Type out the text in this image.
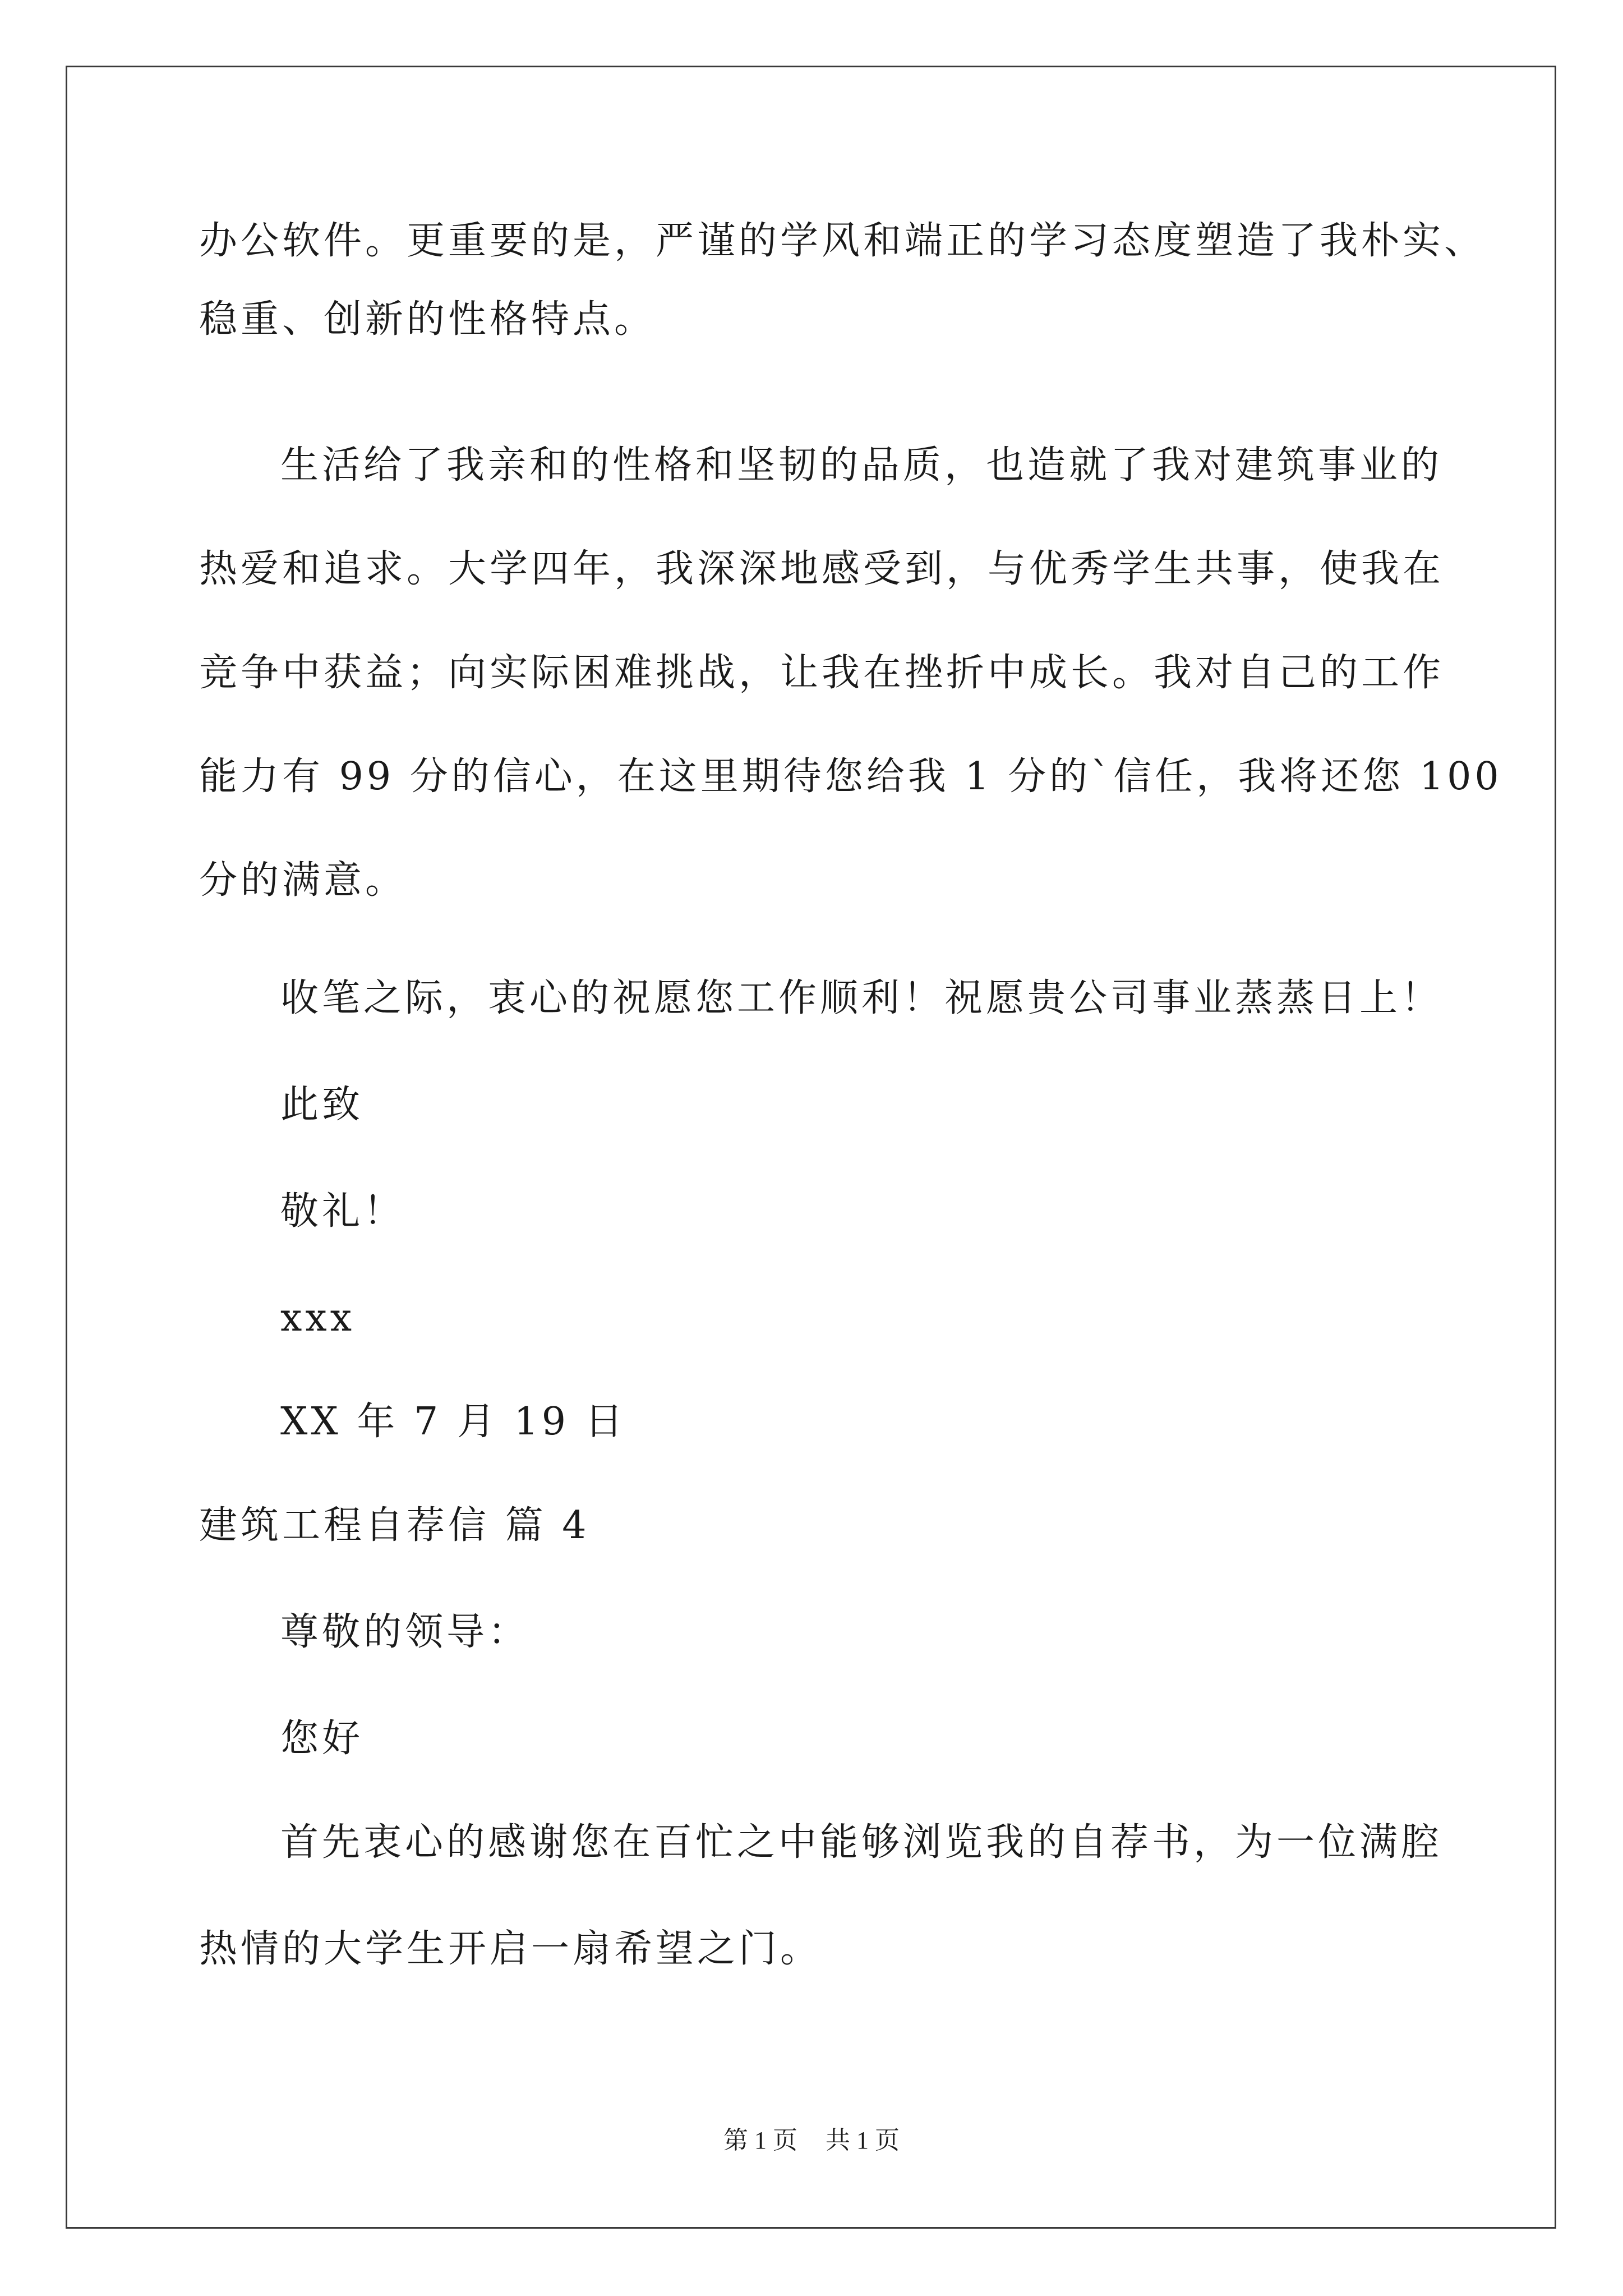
办公软件。更重要的是，严谨的学风和端正的学习态度塑造了我朴实、
稳重、创新的性格特点。
生活给了我亲和的性格和坚韧的品质，也造就了我对建筑事业的
热爱和追求。大学四年，我深深地感受到，与优秀学生共事，使我在
竞争中获益；向实际困难挑战，让我在挫折中成长。我对自己的工作
能力有 99 分的信心，在这里期待您给我 1 分的`信任，我将还您 100
分的满意。
收笔之际，衷心的祝愿您工作顺利！祝愿贵公司事业蒸蒸日上！
此致
敬礼！
xxx
XX 年 7 月 19 日
建筑工程自荐信 篇 4
尊敬的领导：
您好
首先衷心的感谢您在百忙之中能够浏览我的自荐书，为一位满腔
热情的大学生开启一扇希望之门。
第 1 页 共 1 页
